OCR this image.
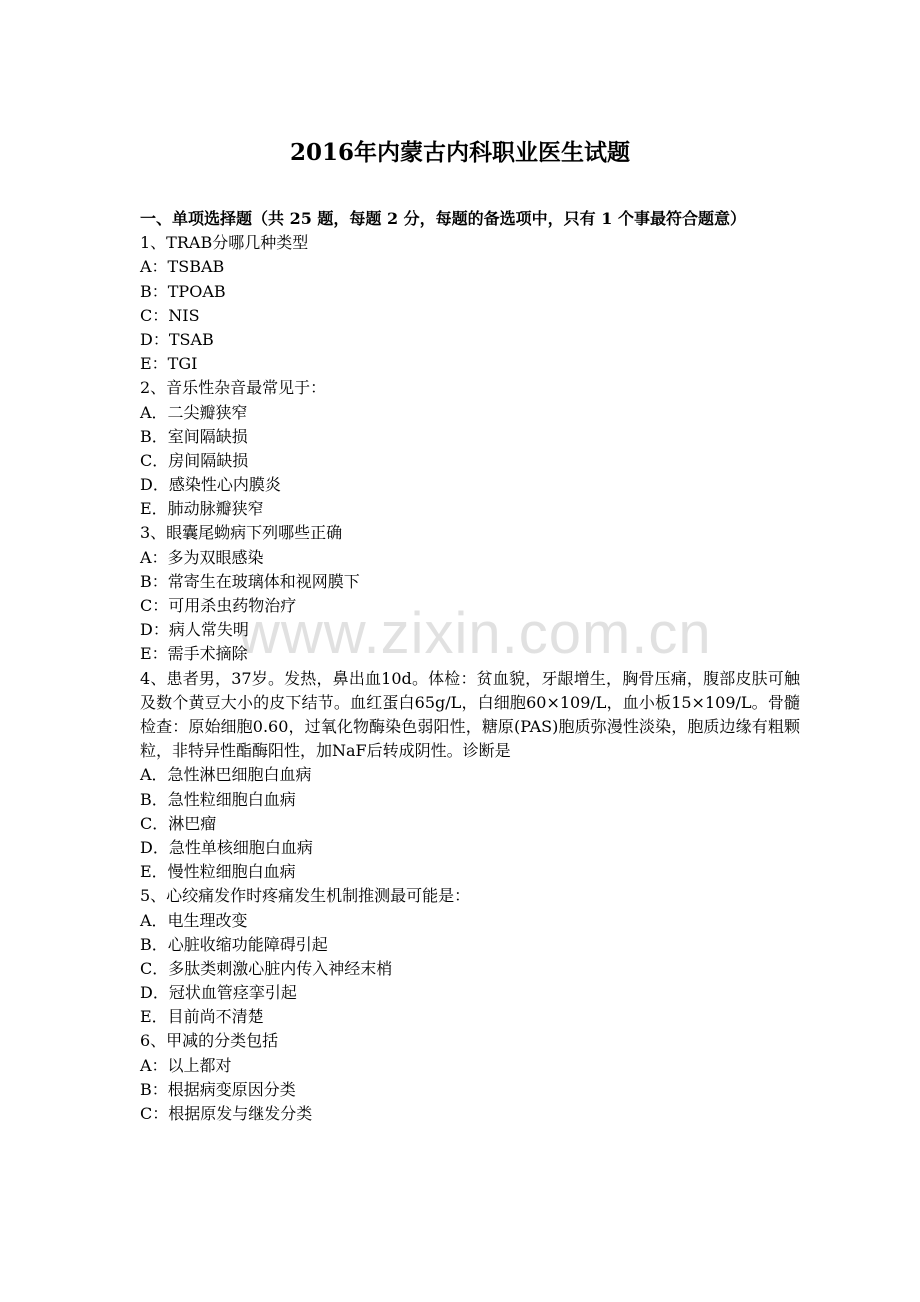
www.zixin.com.cn
2016年内蒙古内科职业医生试题
一、单项选择题（共 25 题，每题 2 分，每题的备选项中，只有 1 个事最符合题意）
1、TRAB分哪几种类型
A：TSBAB
B：TPOAB
C：NIS
D：TSAB
E：TGI
2、音乐性杂音最常见于：
A．二尖瓣狭窄
B．室间隔缺损
C．房间隔缺损
D．感染性心内膜炎
E．肺动脉瓣狭窄
3、眼囊尾蚴病下列哪些正确
A：多为双眼感染
B：常寄生在玻璃体和视网膜下
C：可用杀虫药物治疗
D：病人常失明
E：需手术摘除
4、患者男，37岁。发热，鼻出血10d。体检：贫血貌，牙龈增生，胸骨压痛，腹部皮肤可触及数个黄豆大小的皮下结节。血红蛋白65g/L，白细胞60×109/L，血小板15×109/L。骨髓检查：原始细胞0.60，过氧化物酶染色弱阳性，糖原(PAS)胞质弥漫性淡染，胞质边缘有粗颗粒，非特异性酯酶阳性，加NaF后转成阴性。诊断是
A．急性淋巴细胞白血病
B．急性粒细胞白血病
C．淋巴瘤
D．急性单核细胞白血病
E．慢性粒细胞白血病
5、心绞痛发作时疼痛发生机制推测最可能是：
A．电生理改变
B．心脏收缩功能障碍引起
C．多肽类刺激心脏内传入神经末梢
D．冠状血管痉挛引起
E．目前尚不清楚
6、甲减的分类包括
A：以上都对
B：根据病变原因分类
C：根据原发与继发分类
